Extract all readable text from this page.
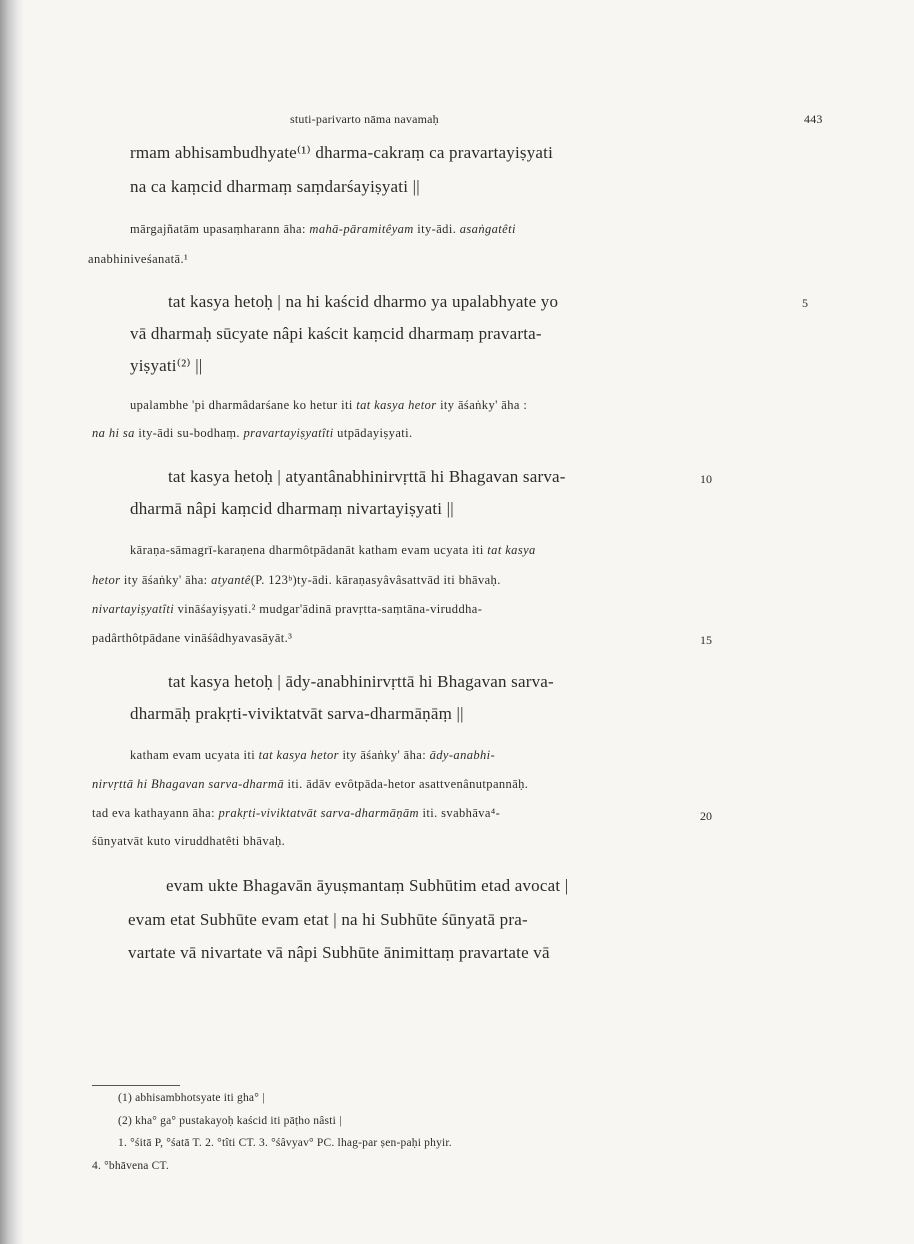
stuti-parivarto nāma navamaḥ	443
rmam abhisambudhyate⁽¹⁾ dharma-cakraṃ ca pravartayiṣyati
na ca kaṃcid dharmaṃ saṃdarśayiṣyati ||
mārgajñatām upasaṃharann āha: mahā-pāramitêyam ity-ādi. asaṅgatêti
anabhiniveśanatā.¹
tat kasya hetoḥ | na hi kaścid dharmo ya upalabhyate yo	5
vā dharmaḥ sūcyate nâpi kaścit kaṃcid dharmaṃ pravarta-
yiṣyati⁽²⁾ ||
upalambhe 'pi dharmâdarśane ko hetur iti tat kasya hetor ity āśaṅky' āha :
na hi sa ity-ādi su-bodhaṃ. pravartayiṣyatîti utpādayiṣyati.
tat kasya hetoḥ | atyantânabhinirvṛttā hi Bhagavan sarva-	10
dharmā nâpi kaṃcid dharmaṃ nivartayiṣyati ||
kāraṇa-sāmagrī-karaṇena dharmôtpādanāt katham evam ucyata iti tat kasya
hetor ity āśaṅky' āha: atyantê(P. 123ᵇ)ty-ādi. kāraṇasyâvâsattvād iti bhāvaḥ.
nivartayiṣyatîti vināśayiṣyati.² mudgar'ādinā pravṛtta-saṃtāna-viruddha-
padârthôtpādane vināśâdhyavasāyāt.³	15
tat kasya hetoḥ | ādy-anabhinirvṛttā hi Bhagavan sarva-
dharmāḥ prakṛti-viviktatvāt sarva-dharmāṇāṃ ||
katham evam ucyata iti tat kasya hetor ity āśaṅky' āha: ādy-anabhi-
nirvṛttā hi Bhagavan sarva-dharmā iti. ādāv evôtpāda-hetor asattvenânutpannāḥ.
tad eva kathayann āha: prakṛti-viviktatvāt sarva-dharmāṇām iti. svabhāva⁴-	20
śūnyatvāt kuto viruddhatêti bhāvaḥ.
evam ukte Bhagavān āyuṣmantaṃ Subhūtim etad avocat |
evam etat Subhūte evam etat | na hi Subhūte śūnyatā pra-
vartate vā nivartate vā nâpi Subhūte ānimittaṃ pravartate vā
(1) abhisambhotsyate iti gha° |
(2) kha° ga° pustakayoḥ kaścid iti pāṭho nâsti |
1. °śitā P, °śatā T. 2. °tîti CT. 3. °śâvyav° PC. lhag-par ṣen-paḥi phyir.
4. °bhāvena CT.
